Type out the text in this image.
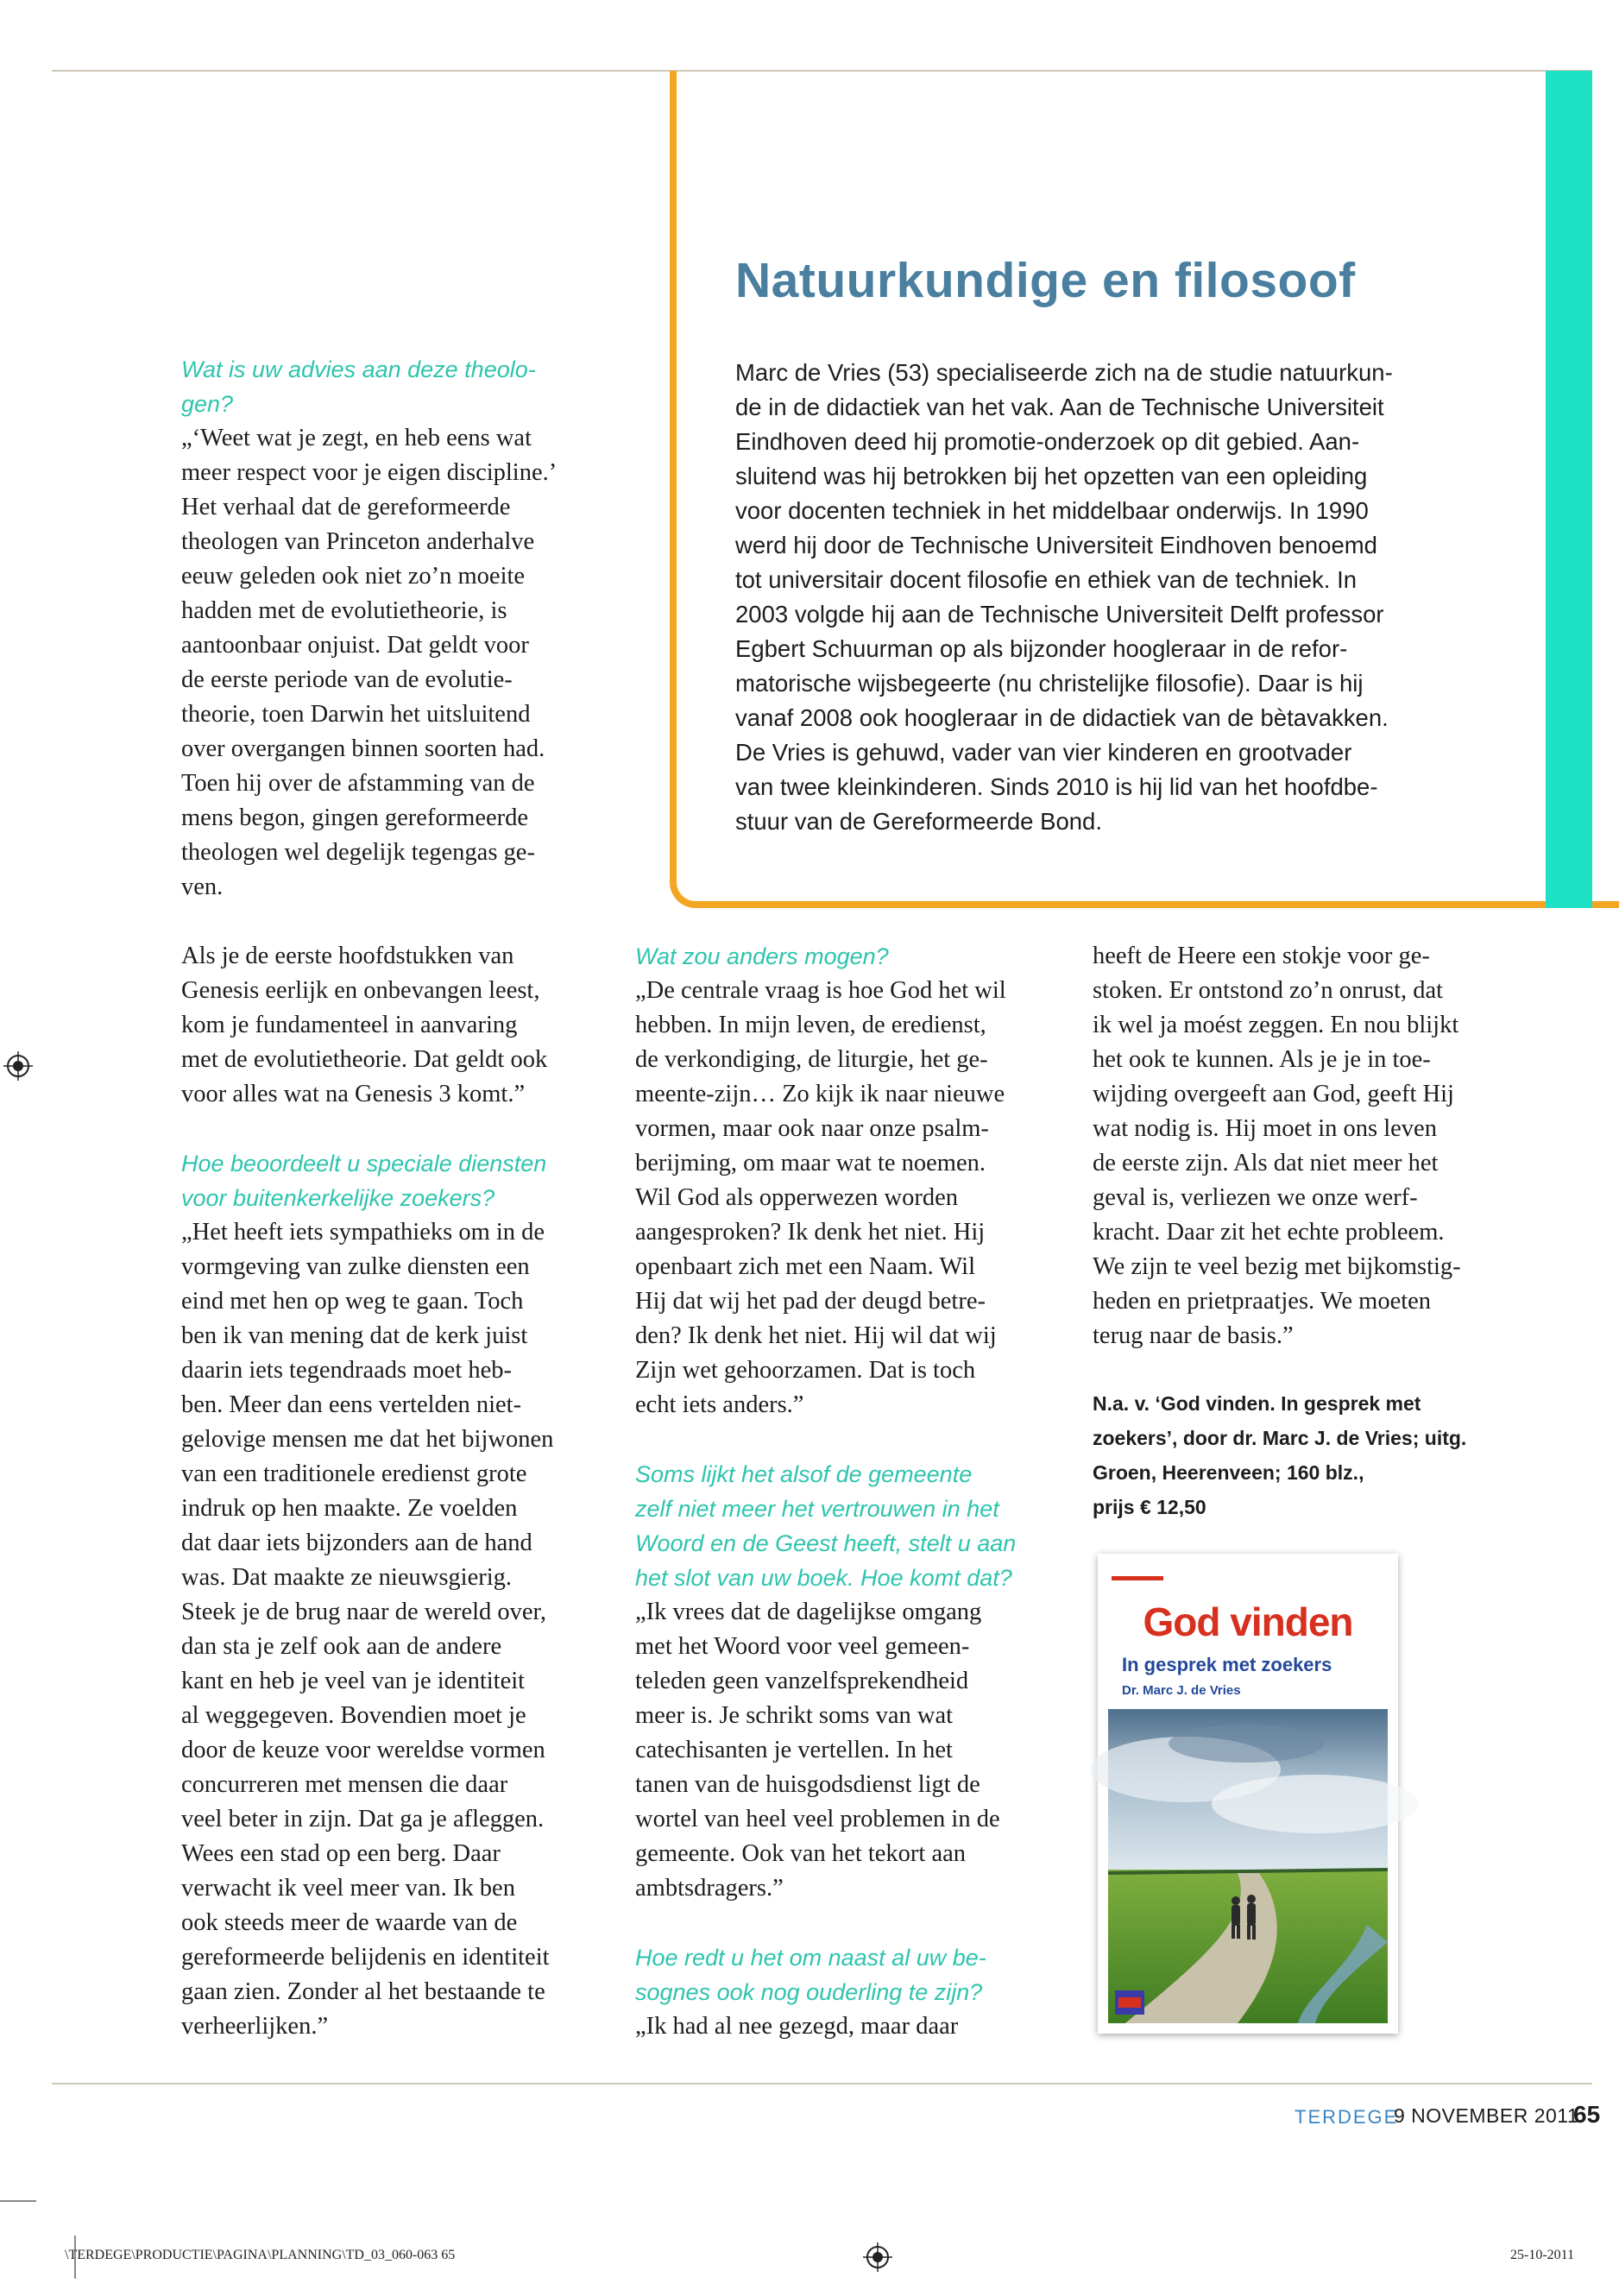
Natuurkundige en filosoof
Marc de Vries (53) specialiseerde zich na de studie natuurkun-
de in de didactiek van het vak. Aan de Technische Universiteit
Eindhoven deed hij promotie-onderzoek op dit gebied. Aan-
sluitend was hij betrokken bij het opzetten van een opleiding
voor docenten techniek in het middelbaar onderwijs. In 1990
werd hij door de Technische Universiteit Eindhoven benoemd
tot universitair docent filosofie en ethiek van de techniek. In
2003 volgde hij aan de Technische Universiteit Delft professor
Egbert Schuurman op als bijzonder hoogleraar in de refor-
matorische wijsbegeerte (nu christelijke filosofie). Daar is hij
vanaf 2008 ook hoogleraar in de didactiek van de bètavakken.
De Vries is gehuwd, vader van vier kinderen en grootvader
van twee kleinkinderen. Sinds 2010 is hij lid van het hoofdbe-
stuur van de Gereformeerde Bond.
Wat is uw advies aan deze theolo-
gen?
„‘Weet wat je zegt, en heb eens wat
meer respect voor je eigen discipline.’
Het verhaal dat de gereformeerde
theologen van Princeton anderhalve
eeuw geleden ook niet zo’n moeite
hadden met de evolutietheorie, is
aantoonbaar onjuist. Dat geldt voor
de eerste periode van de evolutie-
theorie, toen Darwin het uitsluitend
over overgangen binnen soorten had.
Toen hij over de afstamming van de
mens begon, gingen gereformeerde
theologen wel degelijk tegengas ge-
ven.
Als je de eerste hoofdstukken van
Genesis eerlijk en onbevangen leest,
kom je fundamenteel in aanvaring
met de evolutietheorie. Dat geldt ook
voor alles wat na Genesis 3 komt.”
Hoe beoordeelt u speciale diensten
voor buitenkerkelijke zoekers?
„Het heeft iets sympathieks om in de
vormgeving van zulke diensten een
eind met hen op weg te gaan. Toch
ben ik van mening dat de kerk juist
daarin iets tegendraads moet heb-
ben. Meer dan eens vertelden niet-
gelovige mensen me dat het bijwonen
van een traditionele eredienst grote
indruk op hen maakte. Ze voelden
dat daar iets bijzonders aan de hand
was. Dat maakte ze nieuwsgierig.
Steek je de brug naar de wereld over,
dan sta je zelf ook aan de andere
kant en heb je veel van je identiteit
al weggegeven. Bovendien moet je
door de keuze voor wereldse vormen
concurreren met mensen die daar
veel beter in zijn. Dat ga je afleggen.
Wees een stad op een berg. Daar
verwacht ik veel meer van. Ik ben
ook steeds meer de waarde van de
gereformeerde belijdenis en identiteit
gaan zien. Zonder al het bestaande te
verheerlijken.”
Wat zou anders mogen?
„De centrale vraag is hoe God het wil
hebben. In mijn leven, de eredienst,
de verkondiging, de liturgie, het ge-
meente-zijn… Zo kijk ik naar nieuwe
vormen, maar ook naar onze psalm-
berijming, om maar wat te noemen.
Wil God als opperwezen worden
aangesproken? Ik denk het niet. Hij
openbaart zich met een Naam. Wil
Hij dat wij het pad der deugd betre-
den? Ik denk het niet. Hij wil dat wij
Zijn wet gehoorzamen. Dat is toch
echt iets anders.”
Soms lijkt het alsof de gemeente
zelf niet meer het vertrouwen in het
Woord en de Geest heeft, stelt u aan
het slot van uw boek. Hoe komt dat?
„Ik vrees dat de dagelijkse omgang
met het Woord voor veel gemeen-
teleden geen vanzelfsprekendheid
meer is. Je schrikt soms van wat
catechisanten je vertellen. In het
tanen van de huisgodsdienst ligt de
wortel van heel veel problemen in de
gemeente. Ook van het tekort aan
ambtsdragers.”
Hoe redt u het om naast al uw be-
sognes ook nog ouderling te zijn?
„Ik had al nee gezegd, maar daar
heeft de Heere een stokje voor ge-
stoken. Er ontstond zo’n onrust, dat
ik wel ja moést zeggen. En nou blijkt
het ook te kunnen. Als je je in toe-
wijding overgeeft aan God, geeft Hij
wat nodig is. Hij moet in ons leven
de eerste zijn. Als dat niet meer het
geval is, verliezen we onze werf-
kracht. Daar zit het echte probleem.
We zijn te veel bezig met bijkomstig-
heden en prietpraatjes. We moeten
terug naar de basis.”
N.a. v. ‘God vinden. In gesprek met
zoekers’, door dr. Marc J. de Vries; uitg.
Groen, Heerenveen; 160 blz.,
prijs € 12,50
God vinden
In gesprek met zoekers
Dr. Marc J. de Vries
TERDEGE
9 NOVEMBER 2011
65
\TERDEGE\PRODUCTIE\PAGINA\PLANNING\TD_03_060-063 65	25-10-2011
